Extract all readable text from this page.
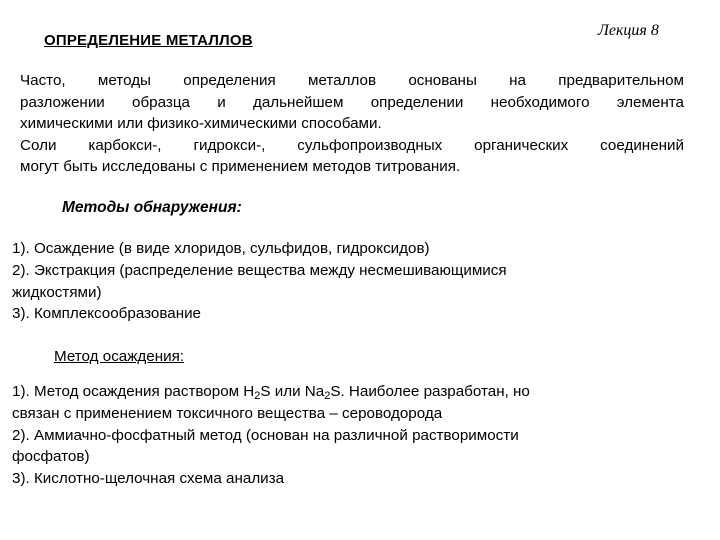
ОПРЕДЕЛЕНИЕ МЕТАЛЛОВ
Лекция 8
Часто, методы определения металлов основаны на предварительном
разложении образца и дальнейшем определении необходимого элемента
химическими или физико-химическими способами.
Соли карбокси-, гидрокси-, сульфопроизводных органических соединений
могут быть исследованы с применением методов титрования.
Методы обнаружения:
1). Осаждение (в виде хлоридов, сульфидов, гидроксидов)
2). Экстракция (распределение вещества между несмешивающимися
жидкостями)
3). Комплексообразование
Метод осаждения:
1). Метод осаждения раствором $H_2S$ или $Na_2S$. Наиболее разработан, но
связан с применением токсичного вещества – сероводорода
2). Аммиачно-фосфатный метод (основан на различной растворимости
фосфатов)
3). Кислотно-щелочная схема анализа
